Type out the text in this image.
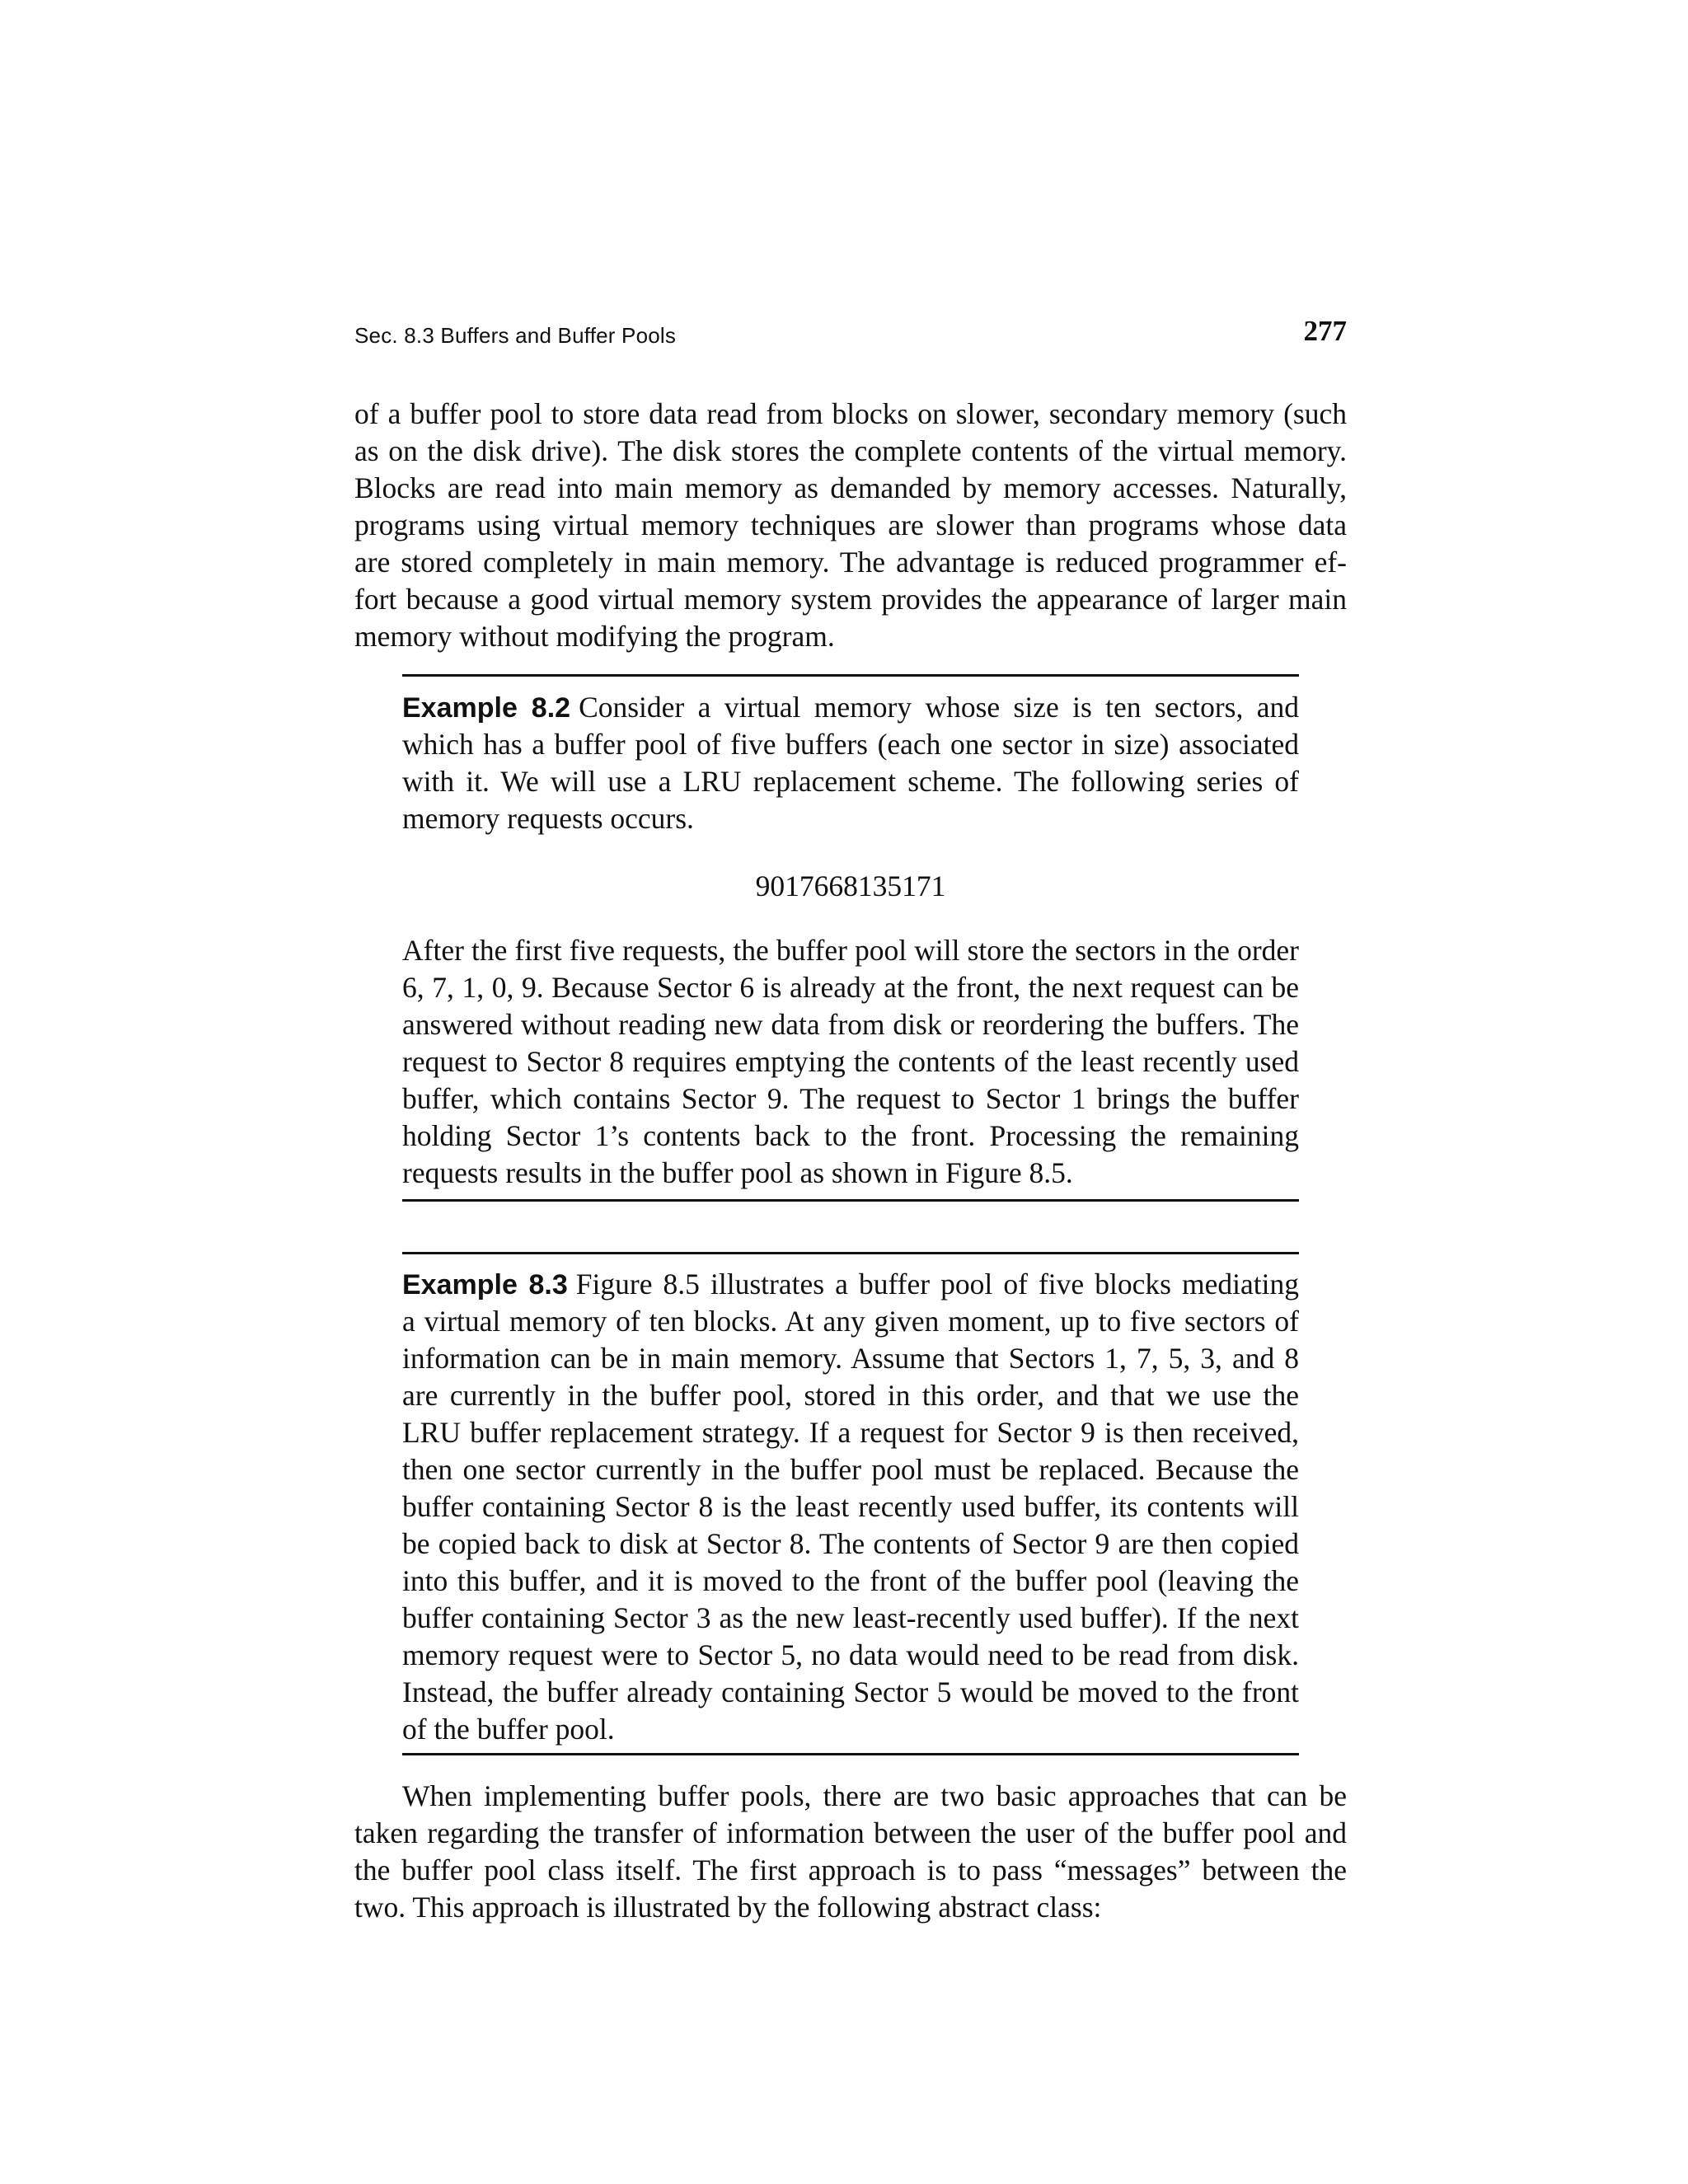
Sec. 8.3 Buffers and Buffer Pools	277
of a buffer pool to store data read from blocks on slower, secondary memory (such
as on the disk drive). The disk stores the complete contents of the virtual memory.
Blocks are read into main memory as demanded by memory accesses. Naturally,
programs using virtual memory techniques are slower than programs whose data
are stored completely in main memory. The advantage is reduced programmer ef-
fort because a good virtual memory system provides the appearance of larger main
memory without modifying the program.
Example 8.2 Consider a virtual memory whose size is ten sectors, and
which has a buffer pool of five buffers (each one sector in size) associated
with it. We will use a LRU replacement scheme. The following series of
memory requests occurs.
9017668135171
After the first five requests, the buffer pool will store the sectors in the order
6, 7, 1, 0, 9. Because Sector 6 is already at the front, the next request can be
answered without reading new data from disk or reordering the buffers. The
request to Sector 8 requires emptying the contents of the least recently used
buffer, which contains Sector 9. The request to Sector 1 brings the buffer
holding Sector 1’s contents back to the front. Processing the remaining
requests results in the buffer pool as shown in Figure 8.5.
Example 8.3 Figure 8.5 illustrates a buffer pool of five blocks mediating
a virtual memory of ten blocks. At any given moment, up to five sectors of
information can be in main memory. Assume that Sectors 1, 7, 5, 3, and 8
are currently in the buffer pool, stored in this order, and that we use the
LRU buffer replacement strategy. If a request for Sector 9 is then received,
then one sector currently in the buffer pool must be replaced. Because the
buffer containing Sector 8 is the least recently used buffer, its contents will
be copied back to disk at Sector 8. The contents of Sector 9 are then copied
into this buffer, and it is moved to the front of the buffer pool (leaving the
buffer containing Sector 3 as the new least-recently used buffer). If the next
memory request were to Sector 5, no data would need to be read from disk.
Instead, the buffer already containing Sector 5 would be moved to the front
of the buffer pool.
When implementing buffer pools, there are two basic approaches that can be
taken regarding the transfer of information between the user of the buffer pool and
the buffer pool class itself. The first approach is to pass “messages” between the
two. This approach is illustrated by the following abstract class:
